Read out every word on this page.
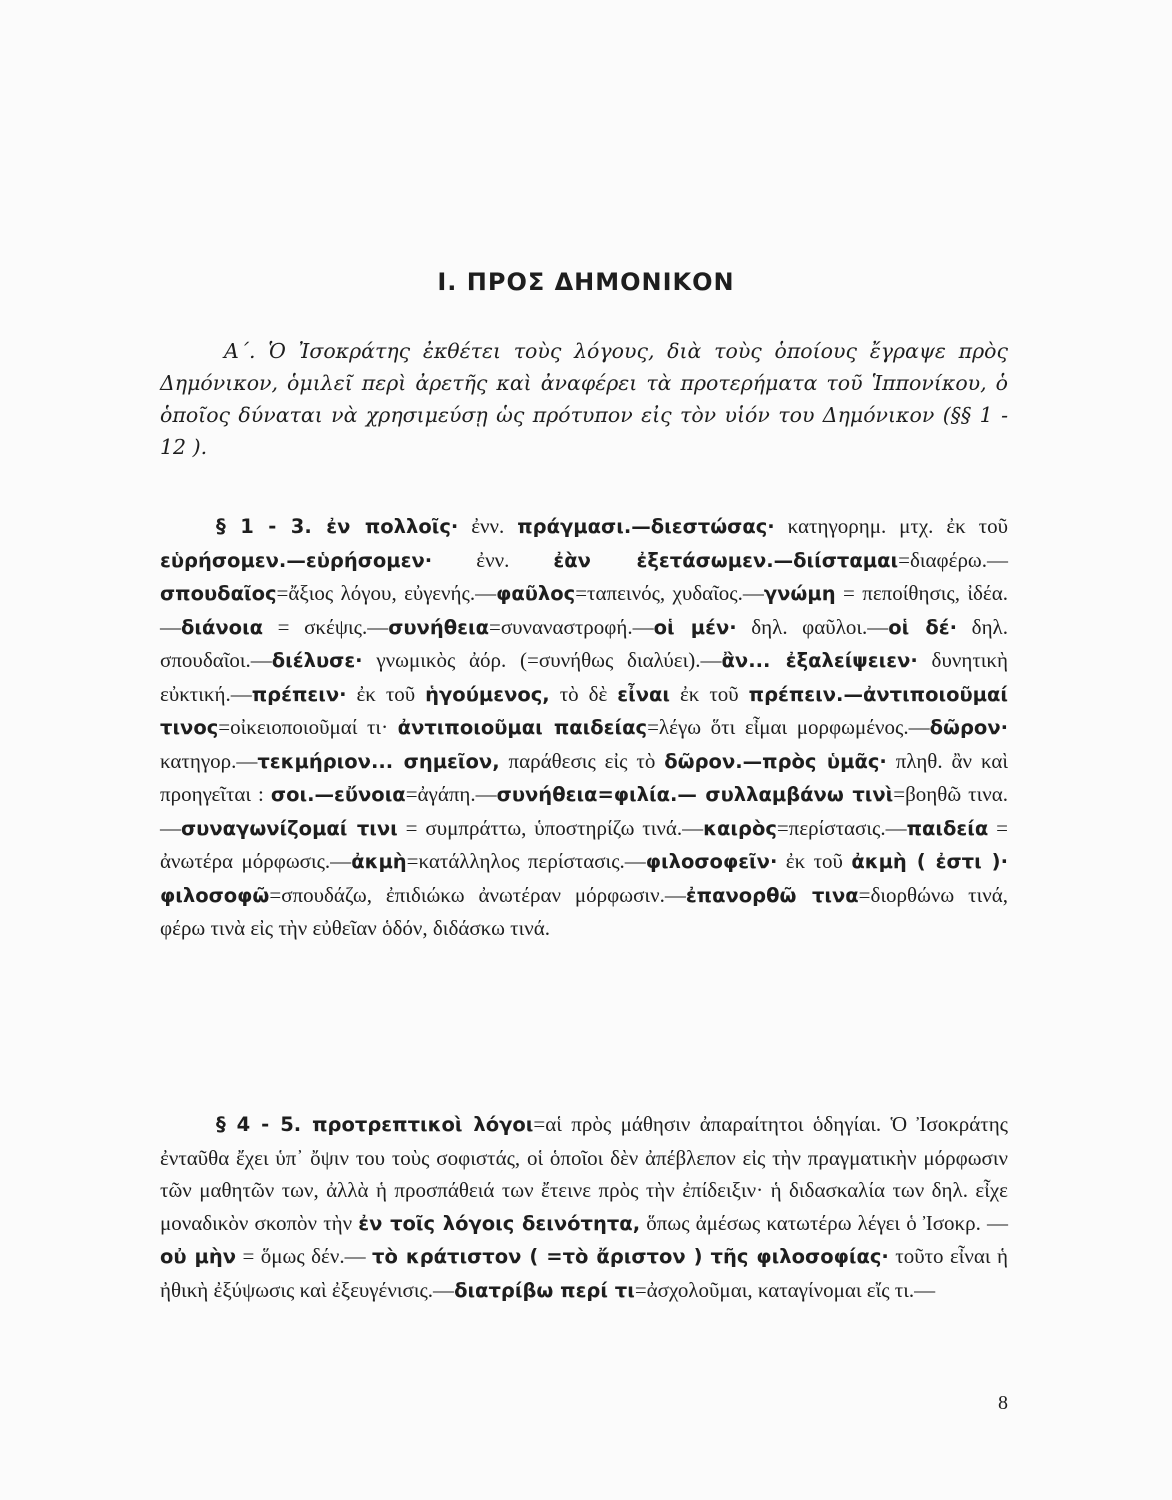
Ι. ΠΡΟΣ ΔΗΜΟΝΙΚΟΝ

Α΄. Ὁ Ἰσοκράτης ἐκθέτει τοὺς λόγους, διὰ τοὺς ὁποίους ἔγραψε πρὸς Δημόνικον, ὁμιλεῖ περὶ ἀρετῆς καὶ ἀναφέρει τὰ προτερήματα τοῦ Ἱππονίκου, ὁ ὁποῖος δύναται νὰ χρησιμεύσῃ ὡς πρότυπον εἰς τὸν υἱόν του Δημόνικον (§§ 1 - 12 ).

§ 1 - 3. ἐν πολλοῖς· ἐνν. πράγμασι.—διεστώσας· κατηγορημ. μτχ. ἐκ τοῦ εὑρήσομεν.—εὑρήσομεν· ἐνν. ἐὰν ἐξετάσωμεν.—διίσταμαι=διαφέρω.—σπουδαῖος=ἄξιος λόγου, εὐγενής.—φαῦλος=ταπεινός, χυδαῖος.—γνώμη = πεποίθησις, ἰδέα.—διάνοια = σκέψις.—συνήθεια=συναναστροφή.—οἱ μέν· δηλ. φαῦλοι.—οἱ δέ· δηλ. σπουδαῖοι.—διέλυσε· γνωμικὸς ἀόρ. (=συνήθως διαλύει).—ἂν... ἐξαλείψειεν· δυνητικὴ εὐκτική.—πρέπειν· ἐκ τοῦ ἡγούμενος, τὸ δὲ εἶναι ἐκ τοῦ πρέπειν.—ἀντιποιοῦμαί τινος=οἰκειοποιοῦμαί τι· ἀντιποιοῦμαι παιδείας=λέγω ὅτι εἶμαι μορφωμένος.—δῶρον· κατηγορ.—τεκμήριον... σημεῖον, παράθεσις εἰς τὸ δῶρον.—πρὸς ὑμᾶς· πληθ. ἂν καὶ προηγεῖται : σοι.—εὔνοια=ἀγάπη.—συνήθεια=φιλία.— συλλαμβάνω τινὶ=βοηθῶ τινα.—συναγωνίζομαί τινι = συμπράττω, ὑποστηρίζω τινά.—καιρὸς=περίστασις.—παιδεία = ἀνωτέρα μόρφωσις.—ἀκμὴ=κατάλληλος περίστασις.—φιλοσοφεῖν· ἐκ τοῦ ἀκμὴ ( ἐστι )· φιλοσοφῶ=σπουδάζω, ἐπιδιώκω ἀνωτέραν μόρφωσιν.—ἐπανορθῶ τινα=διορθώνω τινά, φέρω τινὰ εἰς τὴν εὐθεῖαν ὁδόν, διδάσκω τινά.

§ 4 - 5. προτρεπτικοὶ λόγοι=αἱ πρὸς μάθησιν ἀπαραίτητοι ὁδηγίαι. Ὁ Ἰσοκράτης ἐνταῦθα ἔχει ὑπ᾽ ὄψιν του τοὺς σοφιστάς, οἱ ὁποῖοι δὲν ἀπέβλεπον εἰς τὴν πραγματικὴν μόρφωσιν τῶν μαθητῶν των, ἀλλὰ ἡ προσπάθειά των ἔτεινε πρὸς τὴν ἐπίδειξιν· ἡ διδασκαλία των δηλ. εἶχε μοναδικὸν σκοπὸν τὴν ἐν τοῖς λόγοις δεινότητα, ὅπως ἀμέσως κατωτέρω λέγει ὁ Ἰσοκρ. — οὐ μὴν = ὅμως δέν.— τὸ κράτιστον ( =τὸ ἄριστον ) τῆς φιλοσοφίας· τοῦτο εἶναι ἡ ἠθικὴ ἐξύψωσις καὶ ἐξευγένισις.—διατρίβω περί τι=ἀσχολοῦμαι, καταγίνομαι εἴς τι.—

8
